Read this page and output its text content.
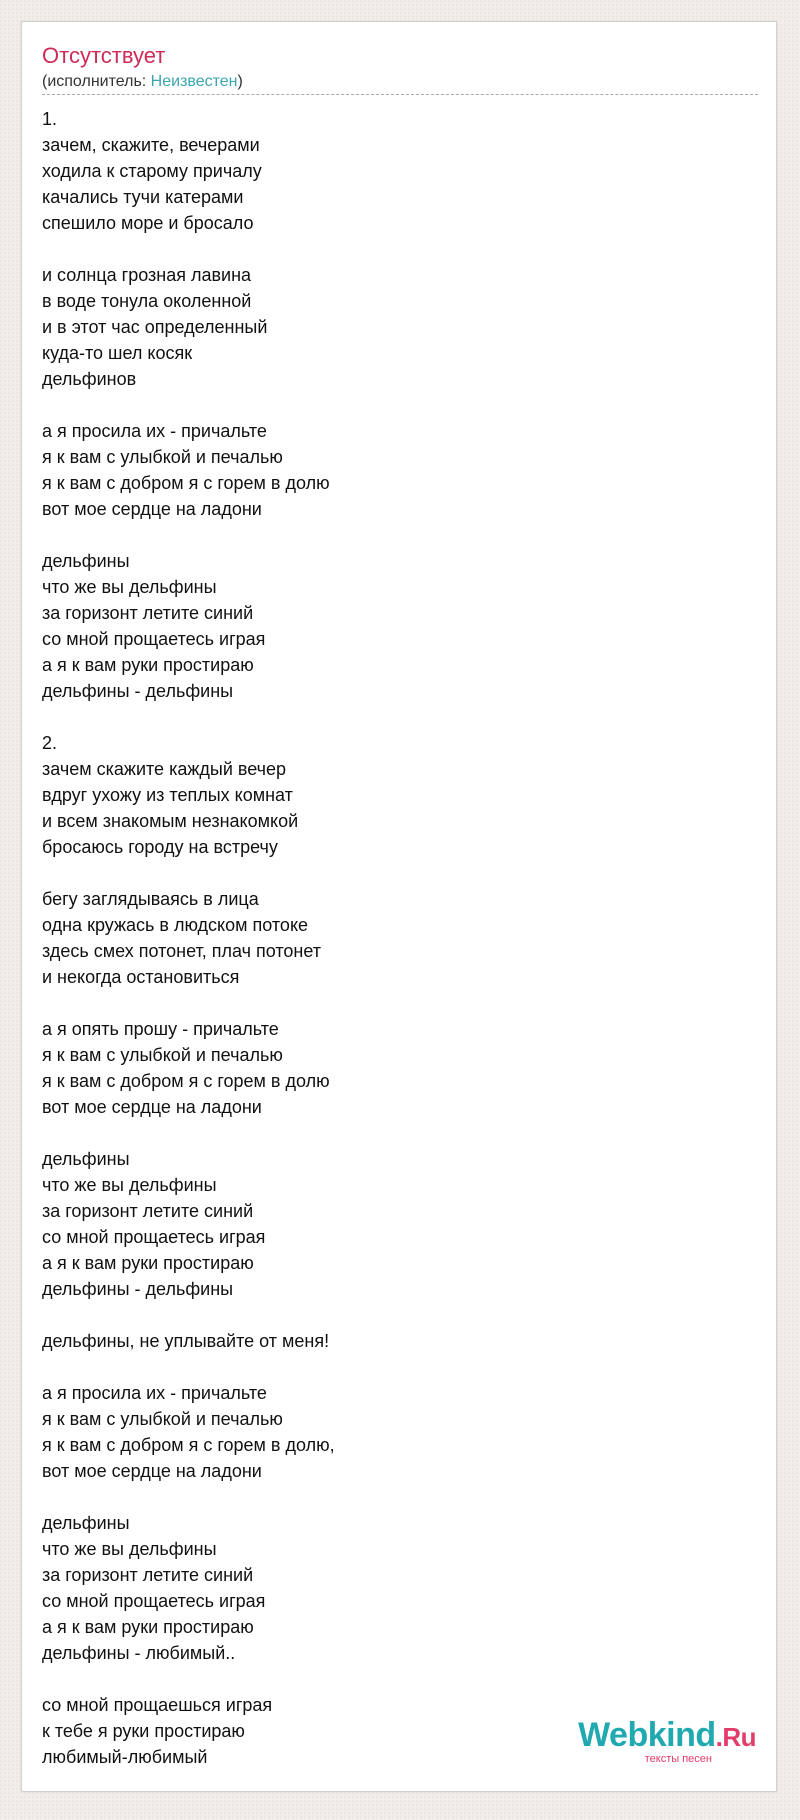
Отсутствует
(исполнитель: Неизвестен)
1.
зачем, скажите, вечерами
ходила к старому причалу
качались тучи катерами
спешило море и бросало

и солнца грозная лавина
в воде тонула околенной
и в этот час определенный
куда-то шел косяк
дельфинов

а я просила их - причальте
я к вам с улыбкой и печалью
я к вам с добром я с горем в долю
вот мое сердце на ладони

дельфины
что же вы дельфины
за горизонт летите синий
со мной прощаетесь играя
а я к вам руки простираю
дельфины - дельфины

2.
зачем скажите каждый вечер
вдруг ухожу из теплых комнат
и всем знакомым незнакомкой
бросаюсь городу на встречу

бегу заглядываясь в лица
одна кружась в людском потоке
здесь смех потонет, плач потонет
и некогда остановиться

а я опять прошу - причальте
я к вам с улыбкой и печалью
я к вам с добром я с горем в долю
вот мое сердце на ладони

дельфины
что же вы дельфины
за горизонт летите синий
со мной прощаетесь играя
а я к вам руки простираю
дельфины - дельфины

дельфины, не уплывайте от меня!

а я просила их - причальте
я к вам с улыбкой и печалью
я к вам с добром я с горем в долю,
вот мое сердце на ладони

дельфины
что же вы дельфины
за горизонт летите синий
со мной прощаетесь играя
а я к вам руки простираю
дельфины - любимый..

со мной прощаешься играя
к тебе я руки простираю
любимый-любимый
Webkind.Ru
тексты песен
